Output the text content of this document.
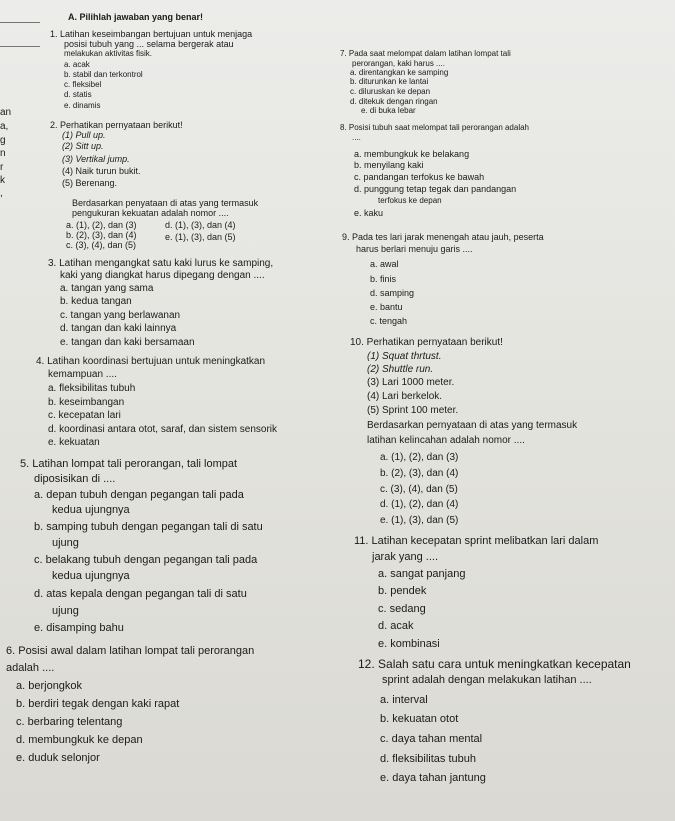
A. Pilihlah jawaban yang benar!
an
a,
g
n
r
k
,
1. Latihan keseimbangan bertujuan untuk menjaga
posisi tubuh yang ... selama bergerak atau
melakukan aktivitas fisik.
a. acak
b. stabil dan terkontrol
c. fleksibel
d. statis
e. dinamis
2. Perhatikan pernyataan berikut!
(1) Pull up.
(2) Sitt up.
(3) Vertikal jump.
(4) Naik turun bukit.
(5) Berenang.
Berdasarkan penyataan di atas yang termasuk
pengukuran kekuatan adalah nomor ....
a. (1), (2), dan (3)
b. (2), (3), dan (4)
c. (3), (4), dan (5)
d. (1), (3), dan (4)
e. (1), (3), dan (5)
3. Latihan mengangkat satu kaki lurus ke samping,
kaki yang diangkat harus dipegang dengan ....
a. tangan yang sama
b. kedua tangan
c. tangan yang berlawanan
d. tangan dan kaki lainnya
e. tangan dan kaki bersamaan
4. Latihan koordinasi bertujuan untuk meningkatkan
kemampuan ....
a. fleksibilitas tubuh
b. keseimbangan
c. kecepatan lari
d. koordinasi antara otot, saraf, dan sistem sensorik
e. kekuatan
5. Latihan lompat tali perorangan, tali lompat
diposisikan di ....
a. depan tubuh dengan pegangan tali pada
kedua ujungnya
b. samping tubuh dengan pegangan tali di satu
ujung
c. belakang tubuh dengan pegangan tali pada
kedua ujungnya
d. atas kepala dengan pegangan tali di satu
ujung
e. disamping bahu
6. Posisi awal dalam latihan lompat tali perorangan
adalah ....
a. berjongkok
b. berdiri tegak dengan kaki rapat
c. berbaring telentang
d. membungkuk ke depan
e. duduk selonjor
7. Pada saat melompat dalam latihan lompat tali
perorangan, kaki harus ....
a. direntangkan ke samping
b. diturunkan ke lantai
c. diluruskan ke depan
d. ditekuk dengan ringan
e. di buka lebar
8. Posisi tubuh saat melompat tali perorangan adalah
....
a. membungkuk ke belakang
b. menyilang kaki
c. pandangan terfokus ke bawah
d. punggung tetap tegak dan pandangan
terfokus ke depan
e. kaku
9. Pada tes lari jarak menengah atau jauh, peserta
harus berlari menuju garis ....
a. awal
b. finis
d. samping
e. bantu
c. tengah
10. Perhatikan pernyataan berikut!
(1) Squat thrtust.
(2) Shuttle run.
(3) Lari 1000 meter.
(4) Lari berkelok.
(5) Sprint 100 meter.
Berdasarkan pernyataan di atas yang termasuk
latihan kelincahan adalah nomor ....
a. (1), (2), dan (3)
b. (2), (3), dan (4)
c. (3), (4), dan (5)
d. (1), (2), dan (4)
e. (1), (3), dan (5)
11. Latihan kecepatan sprint melibatkan lari dalam
jarak yang ....
a. sangat panjang
b. pendek
c. sedang
d. acak
e. kombinasi
12. Salah satu cara untuk meningkatkan kecepatan
sprint adalah dengan melakukan latihan ....
a. interval
b. kekuatan otot
c. daya tahan mental
d. fleksibilitas tubuh
e. daya tahan jantung
